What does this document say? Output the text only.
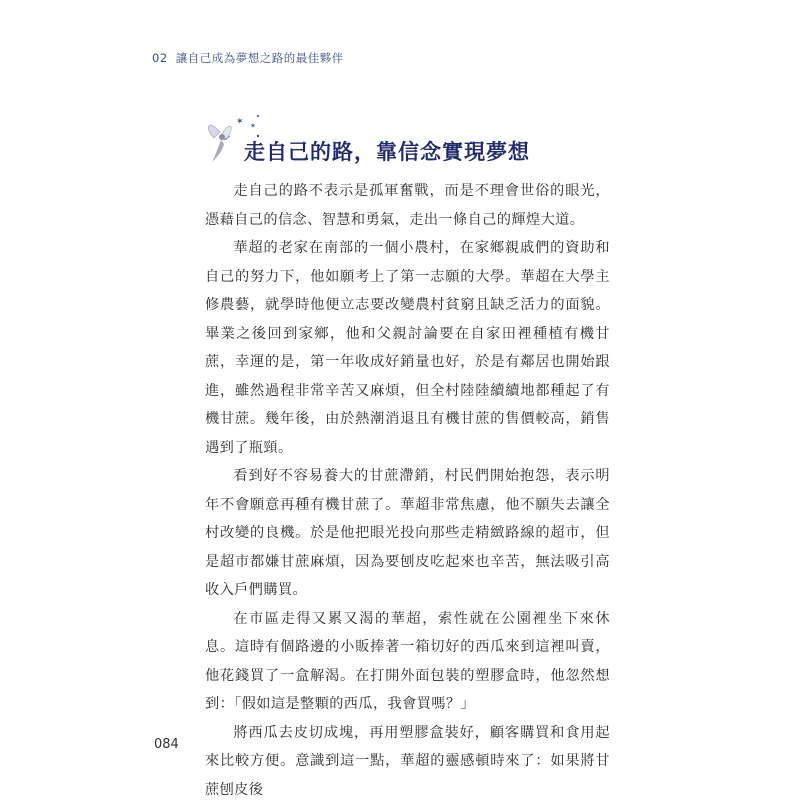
02 讓自己成為夢想之路的最佳夥伴
✶ ✶
走自己的路，靠信念實現夢想

走自己的路不表示是孤軍奮戰，而是不理會世俗的眼光，憑藉自己的信念、智慧和勇氣，走出一條自己的輝煌大道。

華超的老家在南部的一個小農村，在家鄉親戚們的資助和自己的努力下，他如願考上了第一志願的大學。華超在大學主修農藝，就學時他便立志要改變農村貧窮且缺乏活力的面貌。畢業之後回到家鄉，他和父親討論要在自家田裡種植有機甘蔗，幸運的是，第一年收成好銷量也好，於是有鄰居也開始跟進，雖然過程非常辛苦又麻煩，但全村陸陸續續地都種起了有機甘蔗。幾年後，由於熱潮消退且有機甘蔗的售價較高，銷售遇到了瓶頸。

看到好不容易養大的甘蔗滯銷，村民們開始抱怨，表示明年不會願意再種有機甘蔗了。華超非常焦慮，他不願失去讓全村改變的良機。於是他把眼光投向那些走精緻路線的超市，但是超市都嫌甘蔗麻煩，因為要刨皮吃起來也辛苦，無法吸引高收入戶們購買。

在市區走得又累又渴的華超，索性就在公園裡坐下來休息。這時有個路邊的小販捧著一箱切好的西瓜來到這裡叫賣，他花錢買了一盒解渴。在打開外面包裝的塑膠盒時，他忽然想到：「假如這是整顆的西瓜，我會買嗎？」

將西瓜去皮切成塊，再用塑膠盒裝好，顧客購買和食用起來比較方便。意識到這一點，華超的靈感頓時來了：如果將甘蔗刨皮後

084
